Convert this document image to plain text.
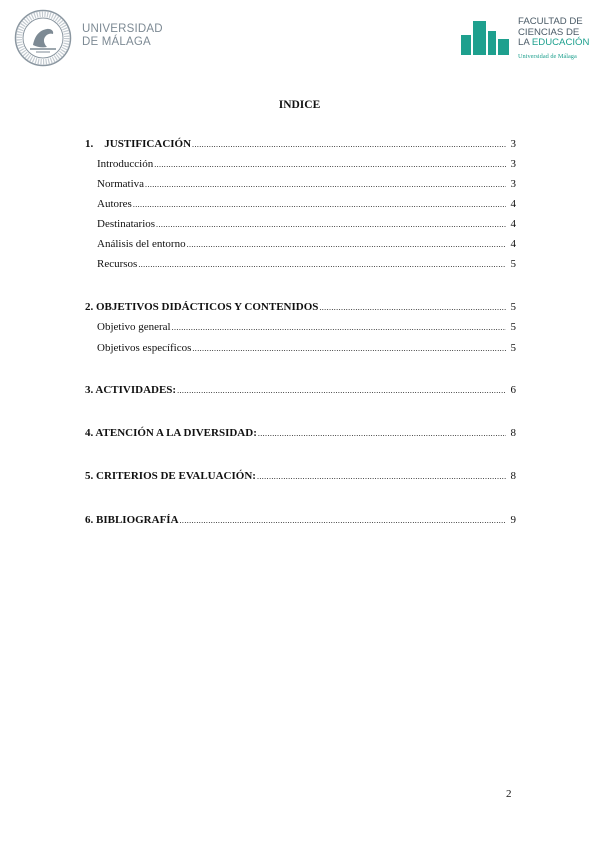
UNIVERSIDAD
DE MÁLAGA
FACULTAD DE
CIENCIAS DE
LA EDUCACIÓN
Universidad de Málaga
INDICE
1.    JUSTIFICACIÓN .....	3
Introducción .....	3
Normativa .....	3
Autores .....	4
Destinatarios .....	4
Análisis del entorno .....	4
Recursos .....	5
2. OBJETIVOS DIDÁCTICOS Y CONTENIDOS .....	5
Objetivo general .....	5
Objetivos específicos .....	5
3. ACTIVIDADES: .....	6
4. ATENCIÓN A LA DIVERSIDAD: .....	8
5. CRITERIOS DE EVALUACIÓN: .....	8
6. BIBLIOGRAFÍA .....	9
2
